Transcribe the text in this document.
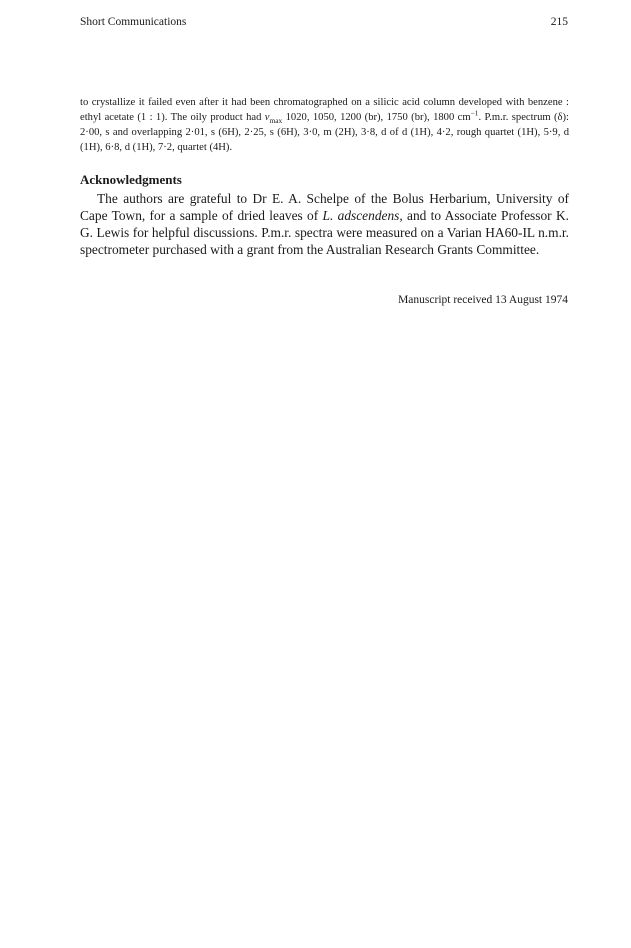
Short Communications	215

to crystallize it failed even after it had been chromatographed on a silicic acid column developed with benzene : ethyl acetate (1 : 1). The oily product had $\nu_{max}$ 1020, 1050, 1200 (br), 1750 (br), 1800 $cm^{-1}$. P.m.r. spectrum (δ): 2·00, s and overlapping 2·01, s (6H), 2·25, s (6H), 3·0, m (2H), 3·8, d of d (1H), 4·2, rough quartet (1H), 5·9, d (1H), 6·8, d (1H), 7·2, quartet (4H).

Acknowledgments

The authors are grateful to Dr E. A. Schelpe of the Bolus Herbarium, University of Cape Town, for a sample of dried leaves of L. adscendens, and to Associate Professor K. G. Lewis for helpful discussions. P.m.r. spectra were measured on a Varian HA60-IL n.m.r. spectrometer purchased with a grant from the Australian Research Grants Committee.

Manuscript received 13 August 1974
